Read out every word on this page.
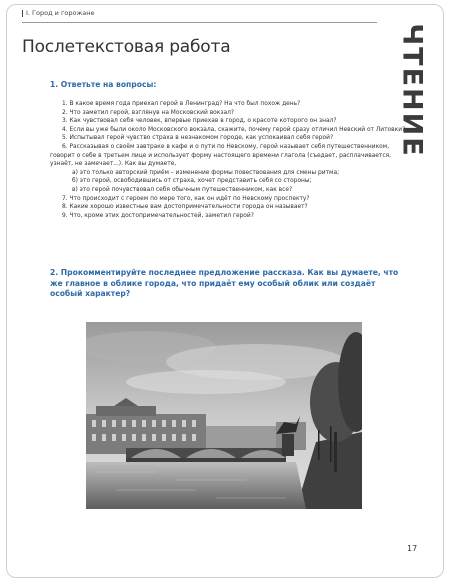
I. Город и горожане
Послетекстовая работа	ЧТЕНИЕ
1. Ответьте на вопросы:
1. В какое время года приехал герой в Ленинград? На что был похож день?
2. Что заметил герой, взглянув на Московский вокзал?
3. Как чувствовал себя человек, впервые приехав в город, о красоте которого он знал?
4. Если вы уже были около Московского вокзала, скажите, почему герой сразу отличил Невский от Литовки?
5. Испытывал герой чувство страха в незнакомом городе, как успокаивал себя герой?
6. Рассказывая о своём завтраке в кафе и о пути по Невскому, герой называет себя путешественником, говорит о себе в третьем лице и использует форму настоящего времени глагола (съедает, расплачивается, узнаёт, не замечает...). Как вы думаете,
а) это только авторский приём – изменение формы повествования для смены ритма;
б) это герой, освободившись от страха, хочет представить себя со стороны;
в) это герой почувствовал себя обычным путешественником, как все?
7. Что происходит с героем по мере того, как он идёт по Невскому проспекту?
8. Какие хорошо известные вам достопримечательности города он называет?
9. Что, кроме этих достопримечательностей, заметил герой?
2. Прокомментируйте последнее предложение рассказа. Как вы думаете, что же главное в облике города, что придаёт ему особый облик или создаёт особый характер?
17
